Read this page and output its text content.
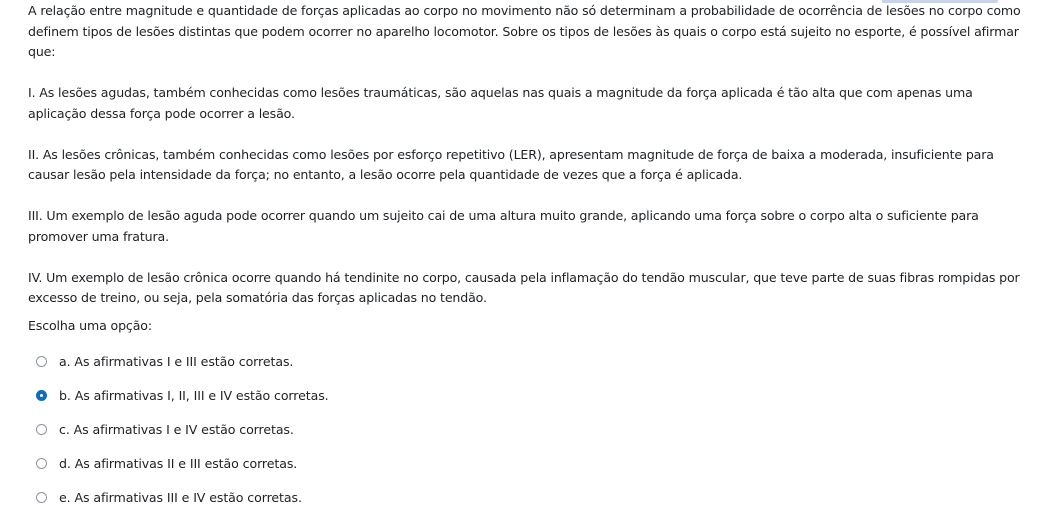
A relação entre magnitude e quantidade de forças aplicadas ao corpo no movimento não só determinam a probabilidade de ocorrência de lesões no corpo como definem tipos de lesões distintas que podem ocorrer no aparelho locomotor. Sobre os tipos de lesões às quais o corpo está sujeito no esporte, é possível afirmar que:

I. As lesões agudas, também conhecidas como lesões traumáticas, são aquelas nas quais a magnitude da força aplicada é tão alta que com apenas uma aplicação dessa força pode ocorrer a lesão.

II. As lesões crônicas, também conhecidas como lesões por esforço repetitivo (LER), apresentam magnitude de força de baixa a moderada, insuficiente para causar lesão pela intensidade da força; no entanto, a lesão ocorre pela quantidade de vezes que a força é aplicada.

III. Um exemplo de lesão aguda pode ocorrer quando um sujeito cai de uma altura muito grande, aplicando uma força sobre o corpo alta o suficiente para promover uma fratura.

IV. Um exemplo de lesão crônica ocorre quando há tendinite no corpo, causada pela inflamação do tendão muscular, que teve parte de suas fibras rompidas por excesso de treino, ou seja, pela somatória das forças aplicadas no tendão.

Escolha uma opção:
a. As afirmativas I e III estão corretas.
b. As afirmativas I, II, III e IV estão corretas.
c. As afirmativas I e IV estão corretas.
d. As afirmativas II e III estão corretas.
e. As afirmativas III e IV estão corretas.
